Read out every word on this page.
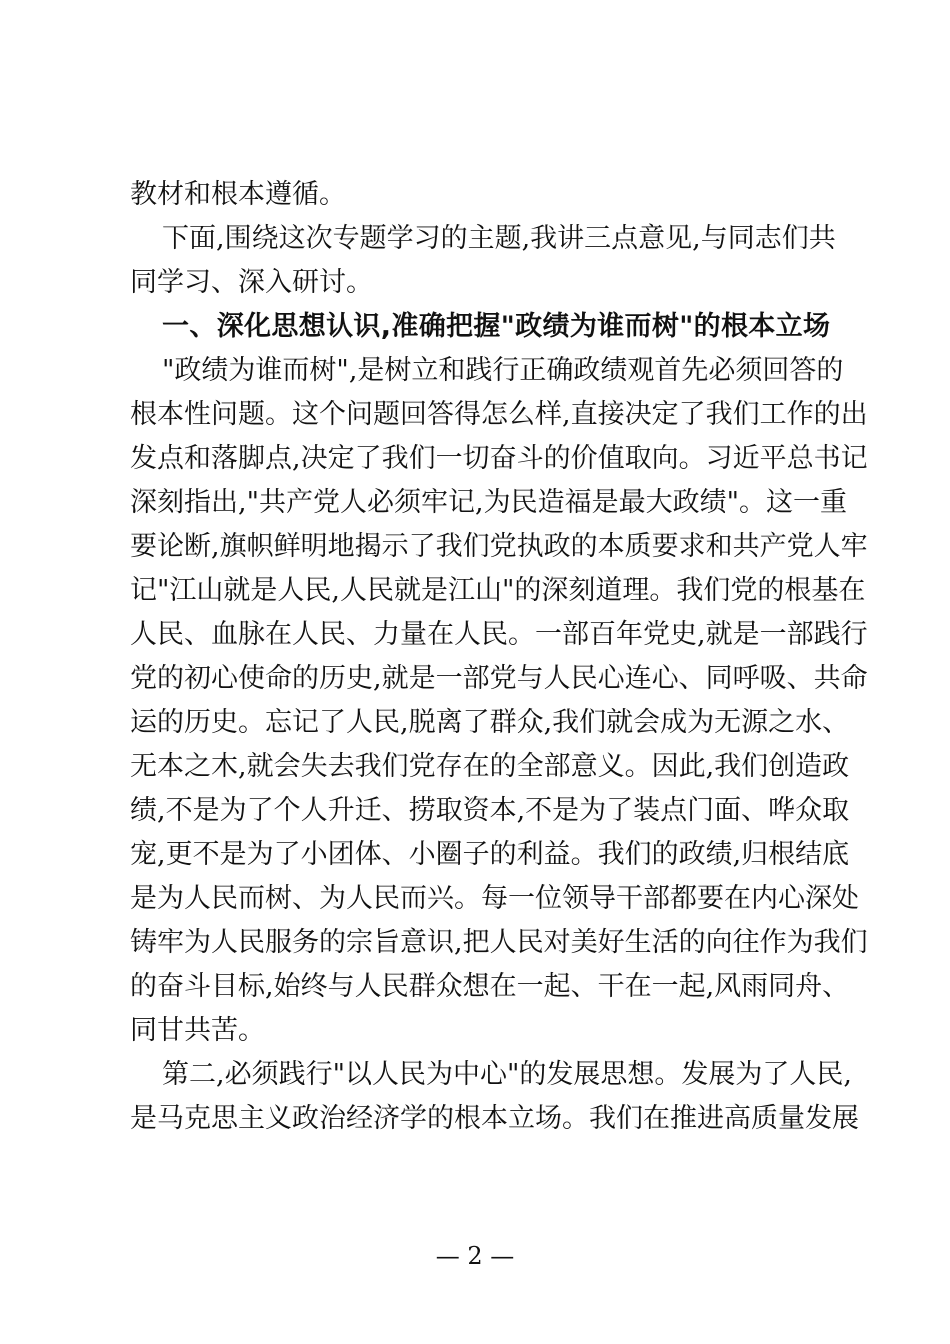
教材和根本遵循。
下面,围绕这次专题学习的主题,我讲三点意见,与同志们共
同学习、深入研讨。
一、深化思想认识,准确把握"政绩为谁而树"的根本立场
"政绩为谁而树",是树立和践行正确政绩观首先必须回答的
根本性问题。这个问题回答得怎么样,直接决定了我们工作的出
发点和落脚点,决定了我们一切奋斗的价值取向。习近平总书记
深刻指出,"共产党人必须牢记,为民造福是最大政绩"。这一重
要论断,旗帜鲜明地揭示了我们党执政的本质要求和共产党人牢
记"江山就是人民,人民就是江山"的深刻道理。我们党的根基在
人民、血脉在人民、力量在人民。一部百年党史,就是一部践行
党的初心使命的历史,就是一部党与人民心连心、同呼吸、共命
运的历史。忘记了人民,脱离了群众,我们就会成为无源之水、
无本之木,就会失去我们党存在的全部意义。因此,我们创造政
绩,不是为了个人升迁、捞取资本,不是为了装点门面、哗众取
宠,更不是为了小团体、小圈子的利益。我们的政绩,归根结底
是为人民而树、为人民而兴。每一位领导干部都要在内心深处
铸牢为人民服务的宗旨意识,把人民对美好生活的向往作为我们
的奋斗目标,始终与人民群众想在一起、干在一起,风雨同舟、
同甘共苦。
第二,必须践行"以人民为中心"的发展思想。发展为了人民,
是马克思主义政治经济学的根本立场。我们在推进高质量发展
— 2 —
